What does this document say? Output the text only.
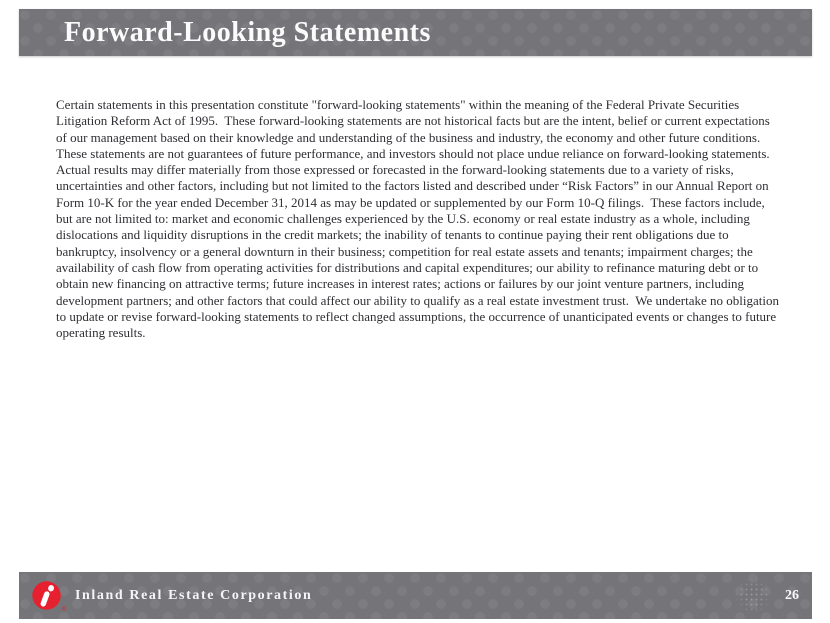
Forward-Looking Statements

Certain statements in this presentation constitute "forward-looking statements" within the meaning of the Federal Private Securities Litigation Reform Act of 1995.  These forward-looking statements are not historical facts but are the intent, belief or current expectations of our management based on their knowledge and understanding of the business and industry, the economy and other future conditions. These statements are not guarantees of future performance, and investors should not place undue reliance on forward-looking statements. Actual results may differ materially from those expressed or forecasted in the forward-looking statements due to a variety of risks, uncertainties and other factors, including but not limited to the factors listed and described under “Risk Factors” in our Annual Report on Form 10-K for the year ended December 31, 2014 as may be updated or supplemented by our Form 10-Q filings.  These factors include, but are not limited to: market and economic challenges experienced by the U.S. economy or real estate industry as a whole, including dislocations and liquidity disruptions in the credit markets; the inability of tenants to continue paying their rent obligations due to bankruptcy, insolvency or a general downturn in their business; competition for real estate assets and tenants; impairment charges; the availability of cash flow from operating activities for distributions and capital expenditures; our ability to refinance maturing debt or to obtain new financing on attractive terms; future increases in interest rates; actions or failures by our joint venture partners, including development partners; and other factors that could affect our ability to qualify as a real estate investment trust.  We undertake no obligation to update or revise forward-looking statements to reflect changed assumptions, the occurrence of unanticipated events or changes to future operating results.

®
Inland Real Estate Corporation	26
